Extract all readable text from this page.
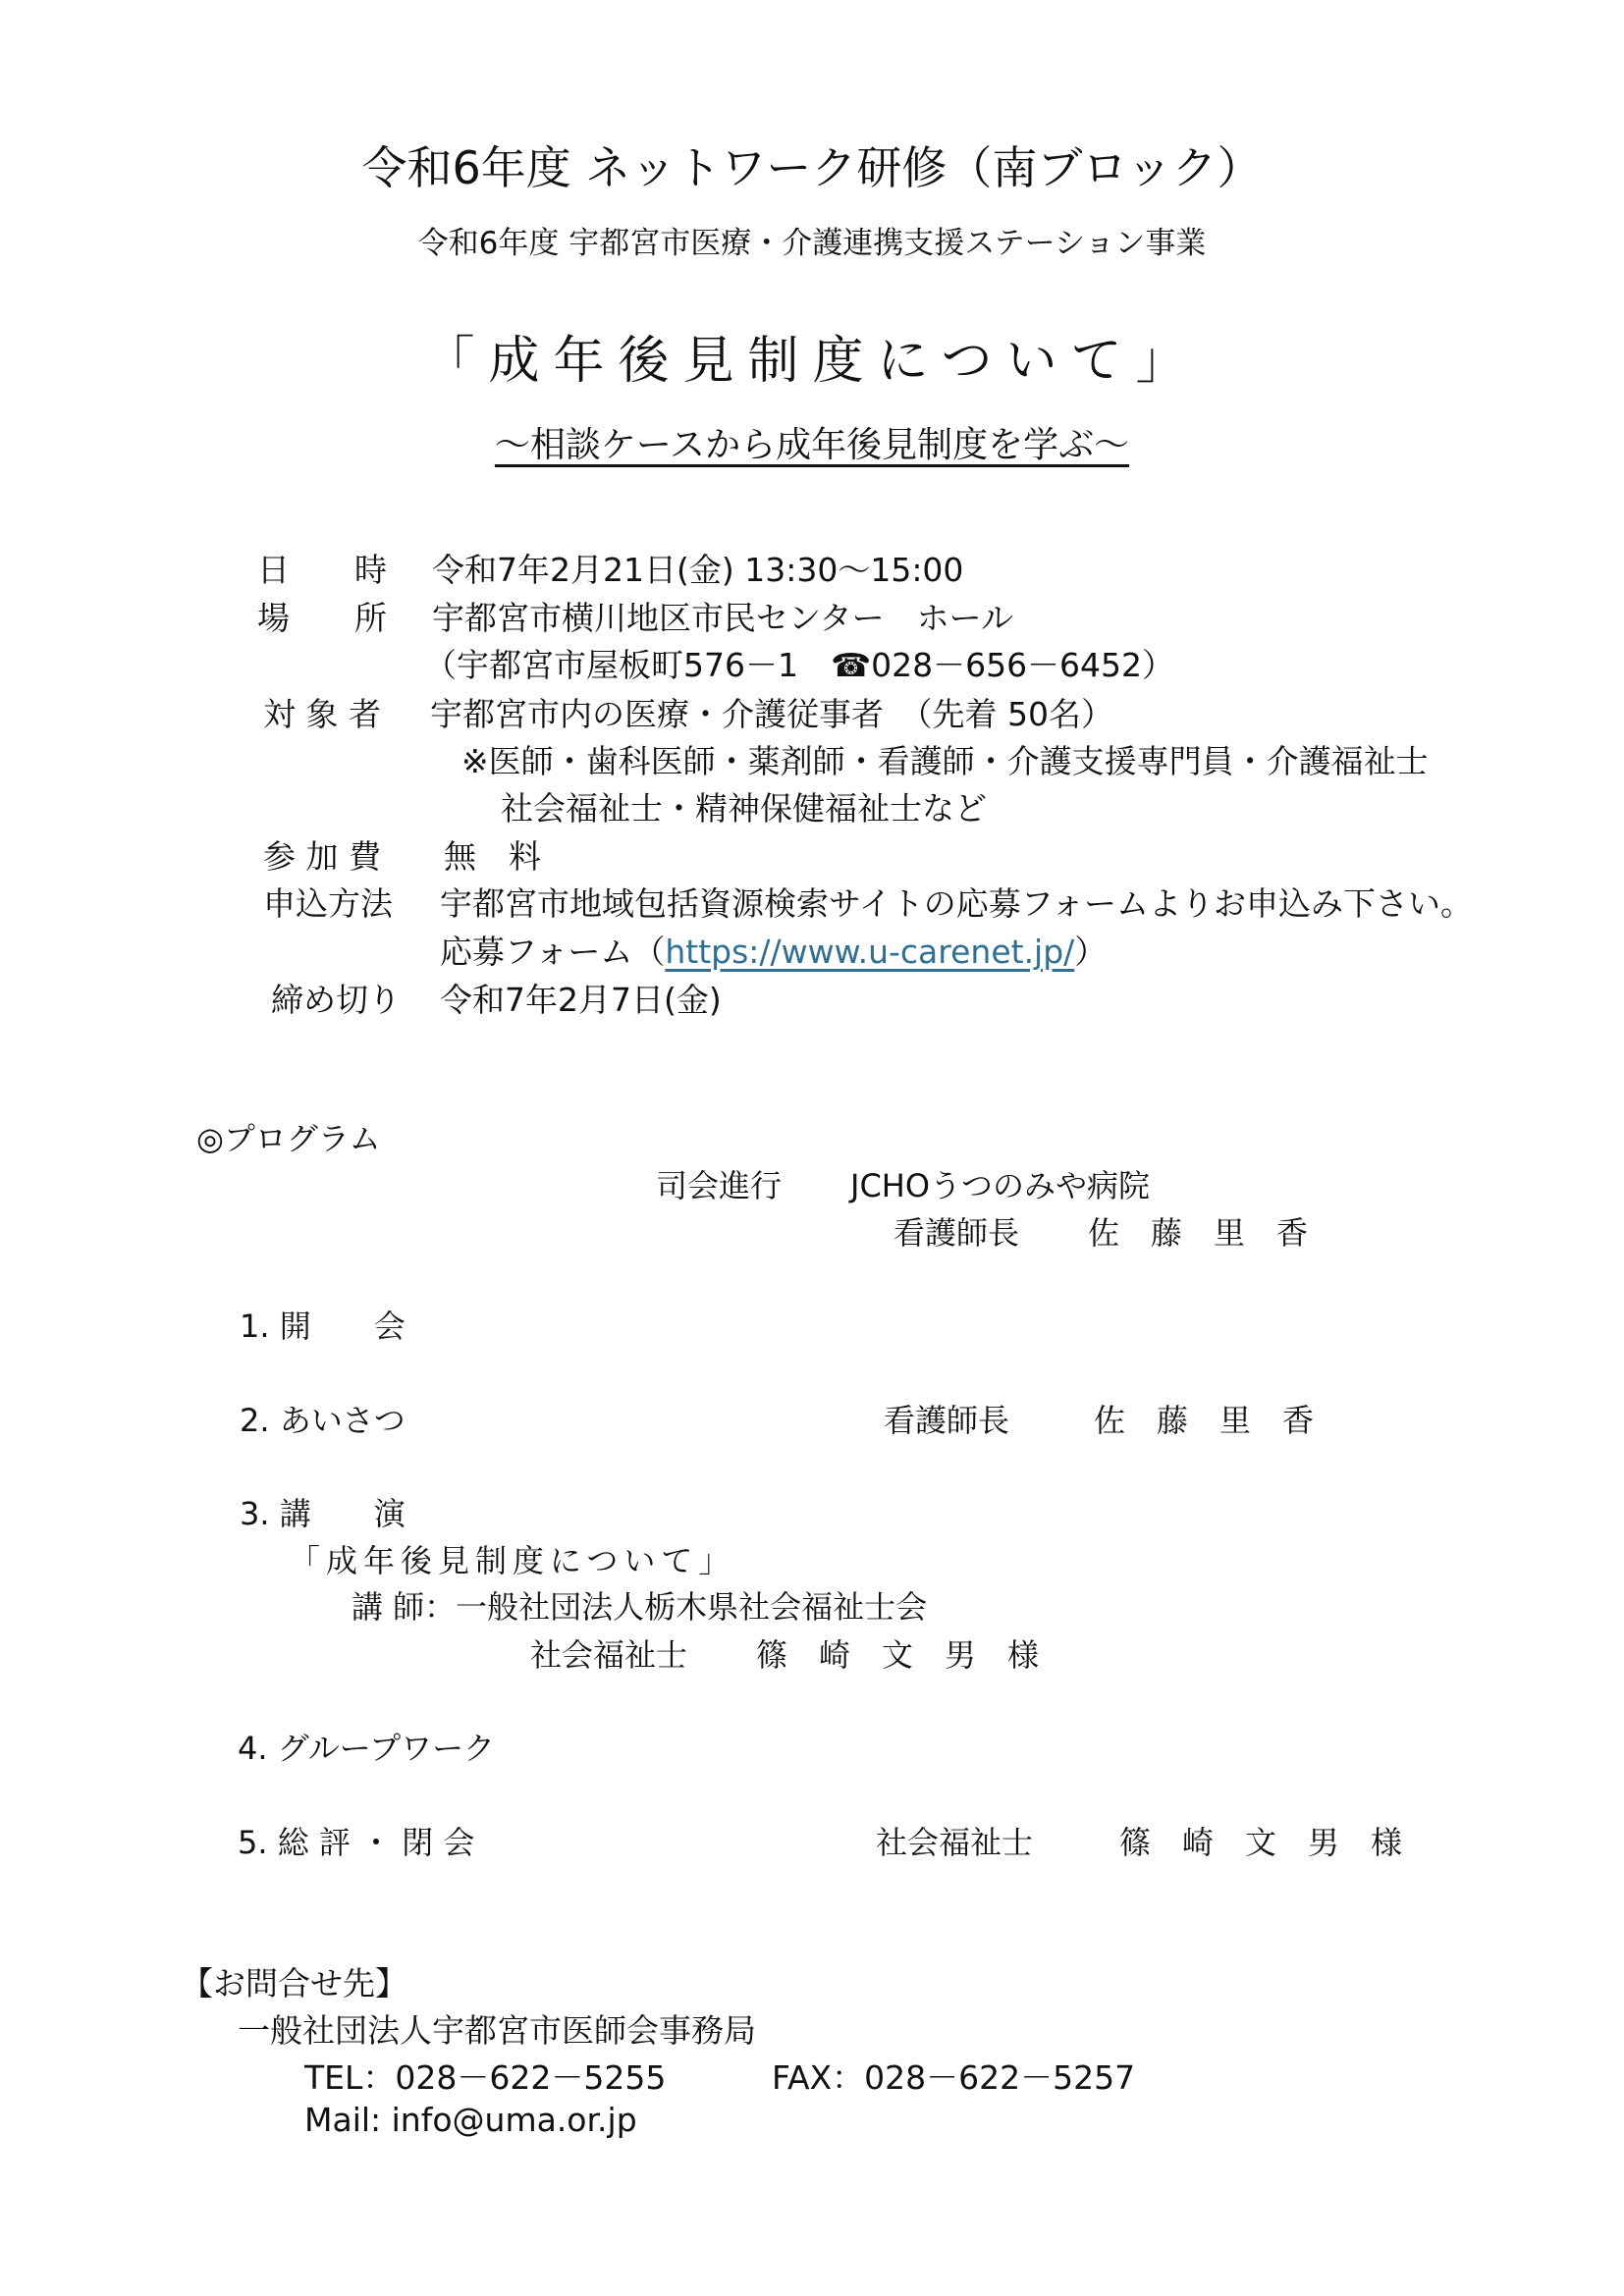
令和6年度 ネットワーク研修（南ブロック）
令和6年度 宇都宮市医療・介護連携支援ステーション事業
「成年後見制度について」
～相談ケースから成年後見制度を学ぶ～
日　　時 令和7年2月21日(金) 13:30～15:00
場　　所 宇都宮市横川地区市民センター　ホール
（宇都宮市屋板町576－1　☎028－656－6452）
対 象 者 宇都宮市内の医療・介護従事者　（先着 50名）
※医師・歯科医師・薬剤師・看護師・介護支援専門員・介護福祉士
社会福祉士・精神保健福祉士など
参 加 費 無　料
申込方法 宇都宮市地域包括資源検索サイトの応募フォームよりお申込み下さい。
応募フォーム（https://www.u-carenet.jp/）
締め切り 令和7年2月7日(金)
◎プログラム
司会進行 JCHOうつのみや病院
看護師長 佐　藤　里　香
1. 開　　会
2. あいさつ	看護師長	佐　藤　里　香
3. 講　　演
「成年後見制度について」
講 師：一般社団法人栃木県社会福祉士会
社会福祉士 篠　崎　文　男　様
4. グループワーク
5. 総 評 ・ 閉 会	社会福祉士	篠　崎　文　男　様
【お問合せ先】
一般社団法人宇都宮市医師会事務局
TEL：028－622－5255	FAX：028－622－5257
Mail: info@uma.or.jp
